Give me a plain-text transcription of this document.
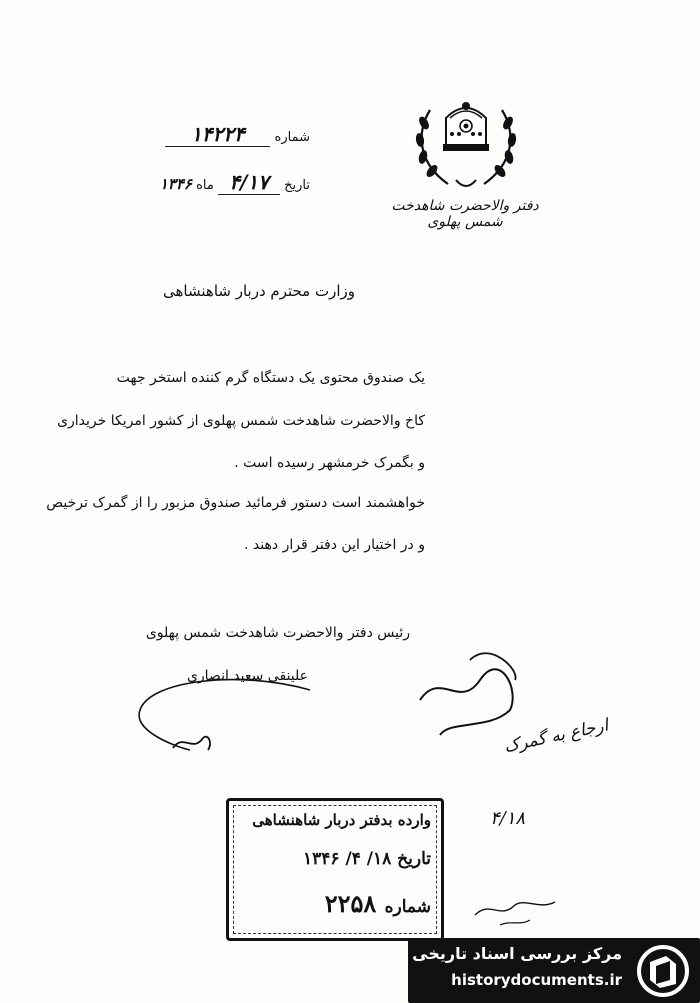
دفتر والاحضرت شاهدخت شمس پهلوی
شماره ۱۴۲۲۴
تاریخ ۴/۱۷ ماه ۱۳۴۶
وزارت محترم دربار شاهنشاهی
یک صندوق محتوی یک دستگاه گرم کننده استخر جهت
کاخ والاحضرت شاهدخت شمس پهلوی از کشور امریکا خریداری
و بگمرک خرمشهر رسیده است .
خواهشمند است دستور فرمائید صندوق مزبور را از گمرک ترخیص
و در اختیار این دفتر قرار دهند .
رئیس دفتر والاحضرت شاهدخت شمس پهلوی
علینقی سعید انصاری
ارجاع به گمرک
۴/۱۸
وارده بدفتر دربار شاهنشاهی
تاریخ ۱۸/ ۴/ ۱۳۴۶
شماره ۲۲۵۸
مرکز بررسی اسناد تاریخی
historydocuments.ir
